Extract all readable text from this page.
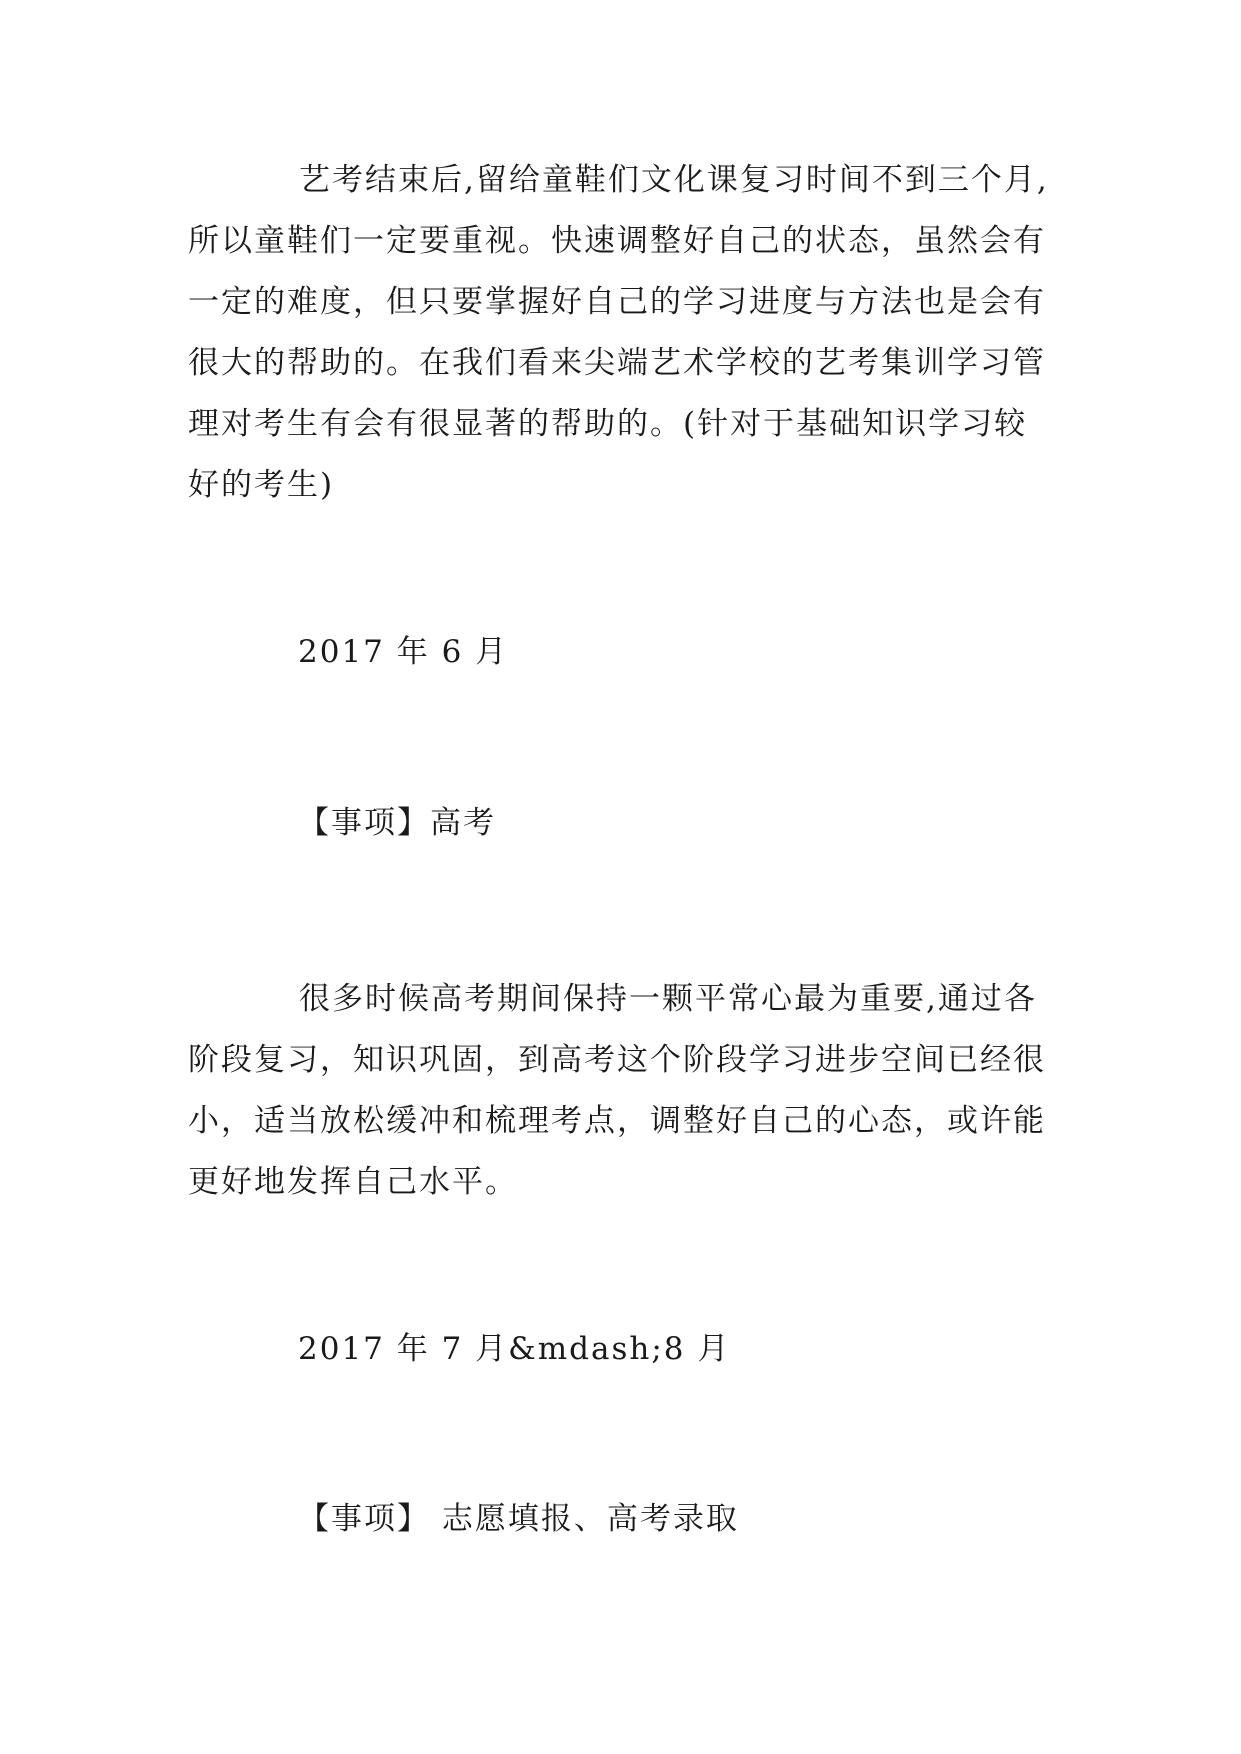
艺考结束后,留给童鞋们文化课复习时间不到三个月,
所以童鞋们一定要重视。快速调整好自己的状态，虽然会有
一定的难度，但只要掌握好自己的学习进度与方法也是会有
很大的帮助的。在我们看来尖端艺术学校的艺考集训学习管
理对考生有会有很显著的帮助的。(针对于基础知识学习较
好的考生)

2017 年 6 月

【事项】高考

很多时候高考期间保持一颗平常心最为重要,通过各
阶段复习，知识巩固，到高考这个阶段学习进步空间已经很
小，适当放松缓冲和梳理考点，调整好自己的心态，或许能
更好地发挥自己水平。

2017 年 7 月&mdash;8 月

【事项】 志愿填报、高考录取
